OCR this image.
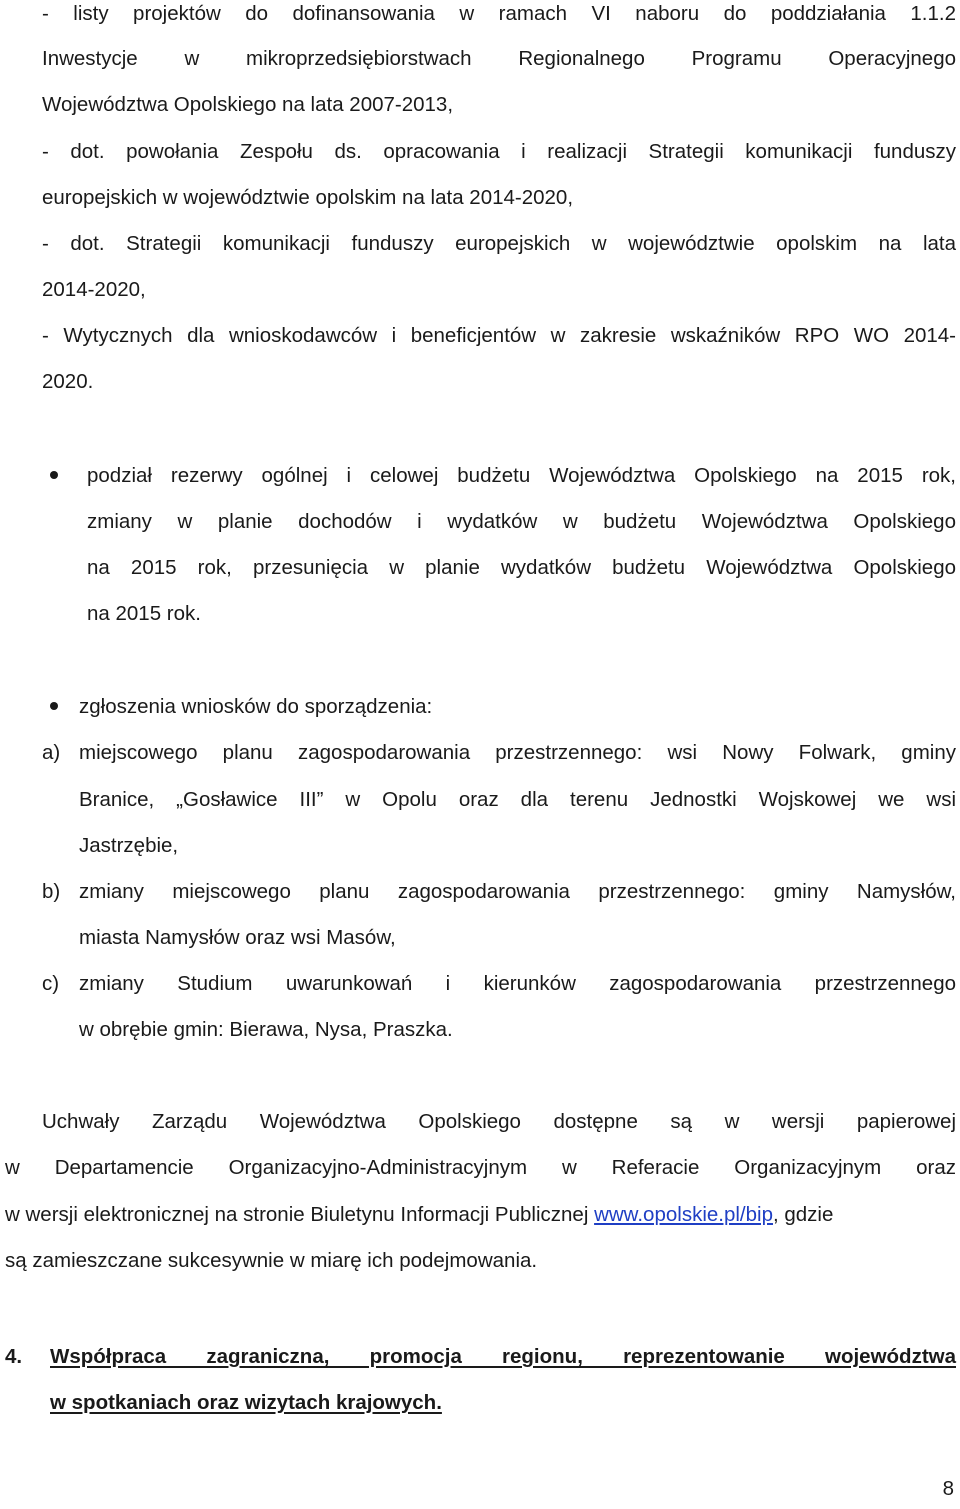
- listy projektów do dofinansowania w ramach VI naboru do poddziałania 1.1.2
Inwestycje w mikroprzedsiębiorstwach Regionalnego Programu Operacyjnego
Województwa Opolskiego na lata 2007-2013,
- dot. powołania Zespołu ds. opracowania i realizacji Strategii komunikacji funduszy
europejskich w województwie opolskim na lata 2014-2020,
- dot. Strategii komunikacji funduszy europejskich w województwie opolskim na lata
2014-2020,
- Wytycznych dla wnioskodawców i beneficjentów w zakresie wskaźników RPO WO 2014-
2020.
podział rezerwy ogólnej i celowej budżetu Województwa Opolskiego na 2015 rok,
zmiany w planie dochodów i wydatków w budżetu Województwa Opolskiego
na 2015 rok, przesunięcia w planie wydatków budżetu Województwa Opolskiego
na 2015 rok.
zgłoszenia wniosków do sporządzenia:
a) miejscowego planu zagospodarowania przestrzennego: wsi Nowy Folwark, gminy
Branice, „Gosławice III” w Opolu oraz dla terenu Jednostki Wojskowej we wsi
Jastrzębie,
b) zmiany miejscowego planu zagospodarowania przestrzennego: gminy Namysłów,
miasta Namysłów oraz wsi Masów,
c) zmiany Studium uwarunkowań i kierunków zagospodarowania przestrzennego
w obrębie gmin: Bierawa, Nysa, Praszka.
Uchwały Zarządu Województwa Opolskiego dostępne są w wersji papierowej
w Departamencie Organizacyjno-Administracyjnym w Referacie Organizacyjnym oraz
w wersji elektronicznej na stronie Biuletynu Informacji Publicznej www.opolskie.pl/bip, gdzie
są zamieszczane sukcesywnie w miarę ich podejmowania.
4. Współpraca zagraniczna, promocja regionu, reprezentowanie województwa
w spotkaniach oraz wizytach krajowych.
8
